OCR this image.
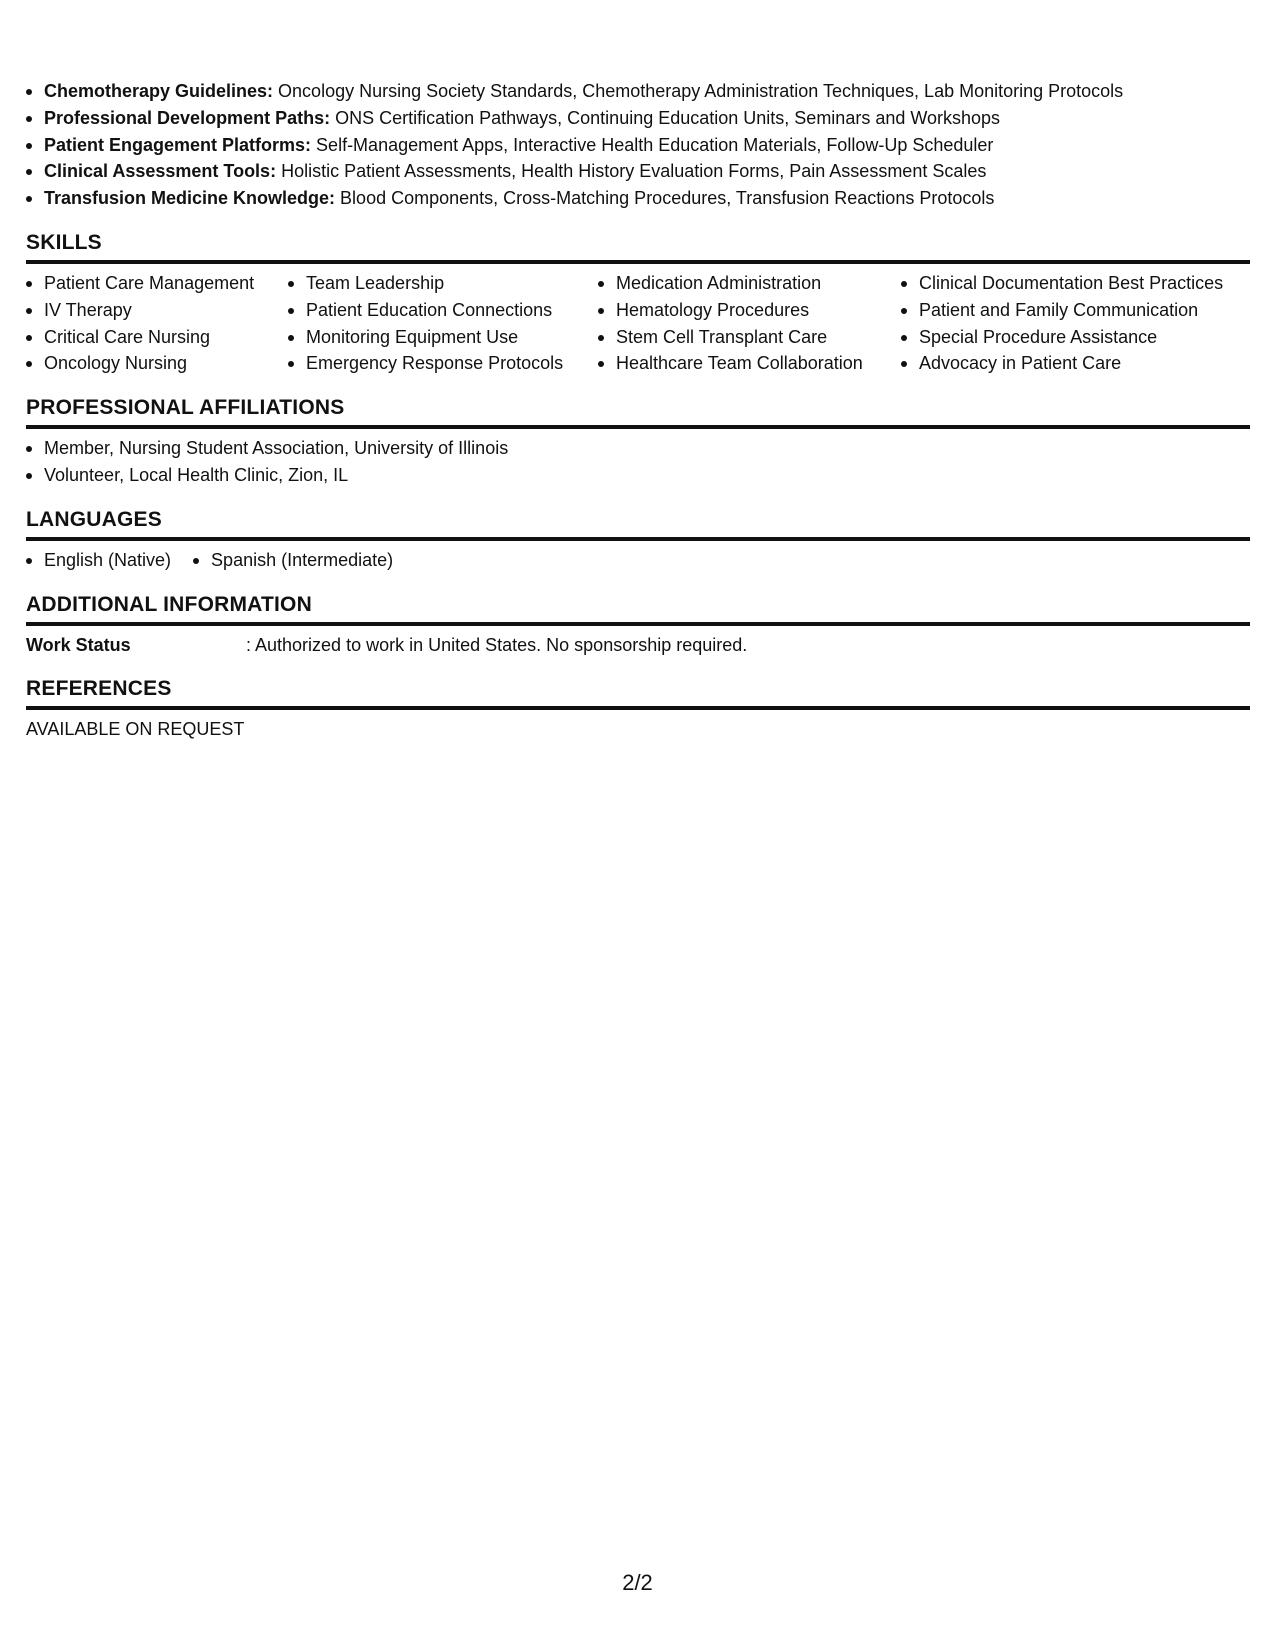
Chemotherapy Guidelines: Oncology Nursing Society Standards, Chemotherapy Administration Techniques, Lab Monitoring Protocols
Professional Development Paths: ONS Certification Pathways, Continuing Education Units, Seminars and Workshops
Patient Engagement Platforms: Self-Management Apps, Interactive Health Education Materials, Follow-Up Scheduler
Clinical Assessment Tools: Holistic Patient Assessments, Health History Evaluation Forms, Pain Assessment Scales
Transfusion Medicine Knowledge: Blood Components, Cross-Matching Procedures, Transfusion Reactions Protocols
SKILLS
Patient Care Management
IV Therapy
Critical Care Nursing
Oncology Nursing
Team Leadership
Patient Education Connections
Monitoring Equipment Use
Emergency Response Protocols
Medication Administration
Hematology Procedures
Stem Cell Transplant Care
Healthcare Team Collaboration
Clinical Documentation Best Practices
Patient and Family Communication
Special Procedure Assistance
Advocacy in Patient Care
PROFESSIONAL AFFILIATIONS
Member, Nursing Student Association, University of Illinois
Volunteer, Local Health Clinic, Zion, IL
LANGUAGES
English (Native)	Spanish (Intermediate)
ADDITIONAL INFORMATION
Work Status	: Authorized to work in United States. No sponsorship required.
REFERENCES
AVAILABLE ON REQUEST
2/2
